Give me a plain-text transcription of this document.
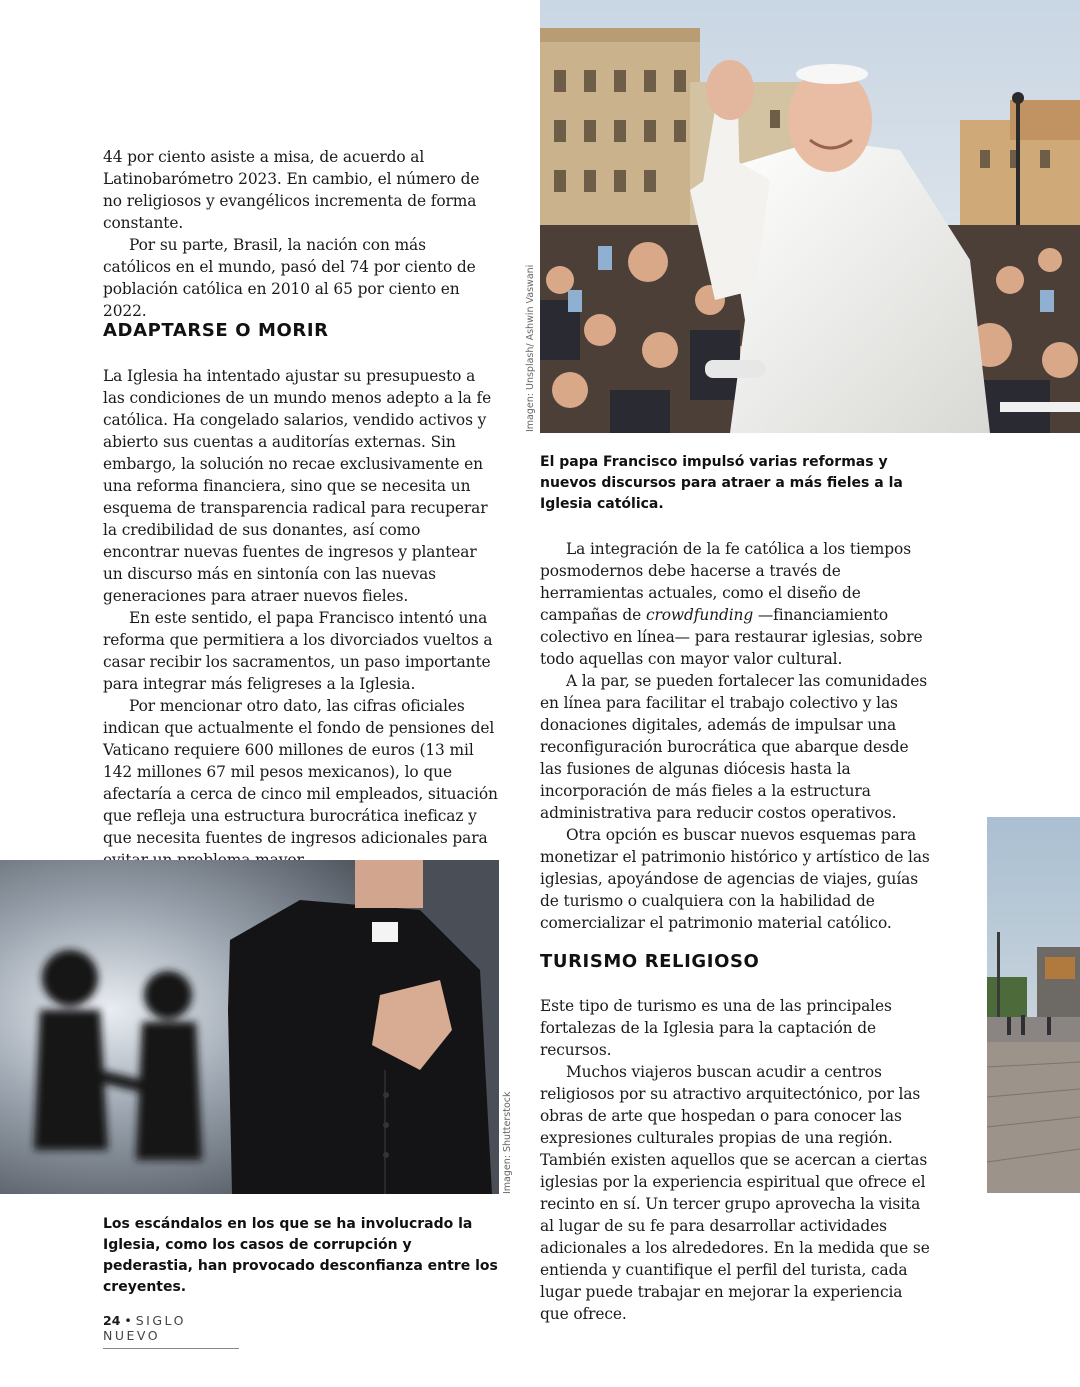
44 por ciento asiste a misa, de acuerdo al Latinobarómetro 2023. En cambio, el número de no religiosos y evangélicos incrementa de forma constante.

Por su parte, Brasil, la nación con más católicos en el mundo, pasó del 74 por ciento de población católica en 2010 al 65 por ciento en 2022.

ADAPTARSE O MORIR

La Iglesia ha intentado ajustar su presupuesto a las condiciones de un mundo menos adepto a la fe católica. Ha congelado salarios, vendido activos y abierto sus cuentas a auditorías externas. Sin embargo, la solución no recae exclusivamente en una reforma financiera, sino que se necesita un esquema de transparencia radical para recuperar la credibilidad de sus donantes, así como encontrar nuevas fuentes de ingresos y plantear un discurso más en sintonía con las nuevas generaciones para atraer nuevos fieles.

En este sentido, el papa Francisco intentó una reforma que permitiera a los divorciados vueltos a casar recibir los sacramentos, un paso importante para integrar más feligreses a la Iglesia.

Por mencionar otro dato, las cifras oficiales indican que actualmente el fondo de pensiones del Vaticano requiere 600 millones de euros (13 mil 142 millones 67 mil pesos mexicanos), lo que afectaría a cerca de cinco mil empleados, situación que refleja una estructura burocrática ineficaz y que necesita fuentes de ingresos adicionales para

Imagen: Unsplash/ Ashwin Vaswani

El papa Francisco impulsó varias reformas y nuevos discursos para atraer a más fieles a la Iglesia católica.

La integración de la fe católica a los tiempos posmodernos debe hacerse a través de herramientas actuales, como el diseño de campañas de crowdfunding —financiamiento colectivo en línea— para restaurar iglesias, sobre todo aquellas con mayor valor cultural.

A la par, se pueden fortalecer las comunidades en línea para facilitar el trabajo colectivo y las donaciones digitales, además de impulsar una reconfiguración burocrática que abarque desde las fusiones de algunas diócesis hasta la incorporación de más fieles a la estructura administrativa para reducir costos operativos.

Otra opción es buscar nuevos esquemas para monetizar el patrimonio histórico y artístico de las iglesias, apoyándose de agencias de viajes, guías de turismo o cualquiera con la habilidad de comercializar el patrimonio material católico.

TURISMO RELIGIOSO

Este tipo de turismo es una de las principales fortalezas de la Iglesia para la captación de recursos.

Muchos viajeros buscan acudir a centros religiosos por su atractivo arquitectónico, por las obras de arte que hospedan o para conocer las expresiones culturales propias de una región. También existen aquellos que se acercan a ciertas iglesias por la experiencia espiritual que ofrece el recinto en sí. Un tercer grupo aprovecha la visita al lugar de su fe para desarrollar actividades adicionales a los alrededores. En la medida que se entienda y cuantifique el perfil del turista, cada lugar puede trabajar en mejorar la experiencia que ofrece.

Imagen: Shutterstock

Los escándalos en los que se ha involucrado la Iglesia, como los casos de corrupción y pederastia, han provocado desconfianza entre los creyentes.

24 • SIGLO NUEVO
